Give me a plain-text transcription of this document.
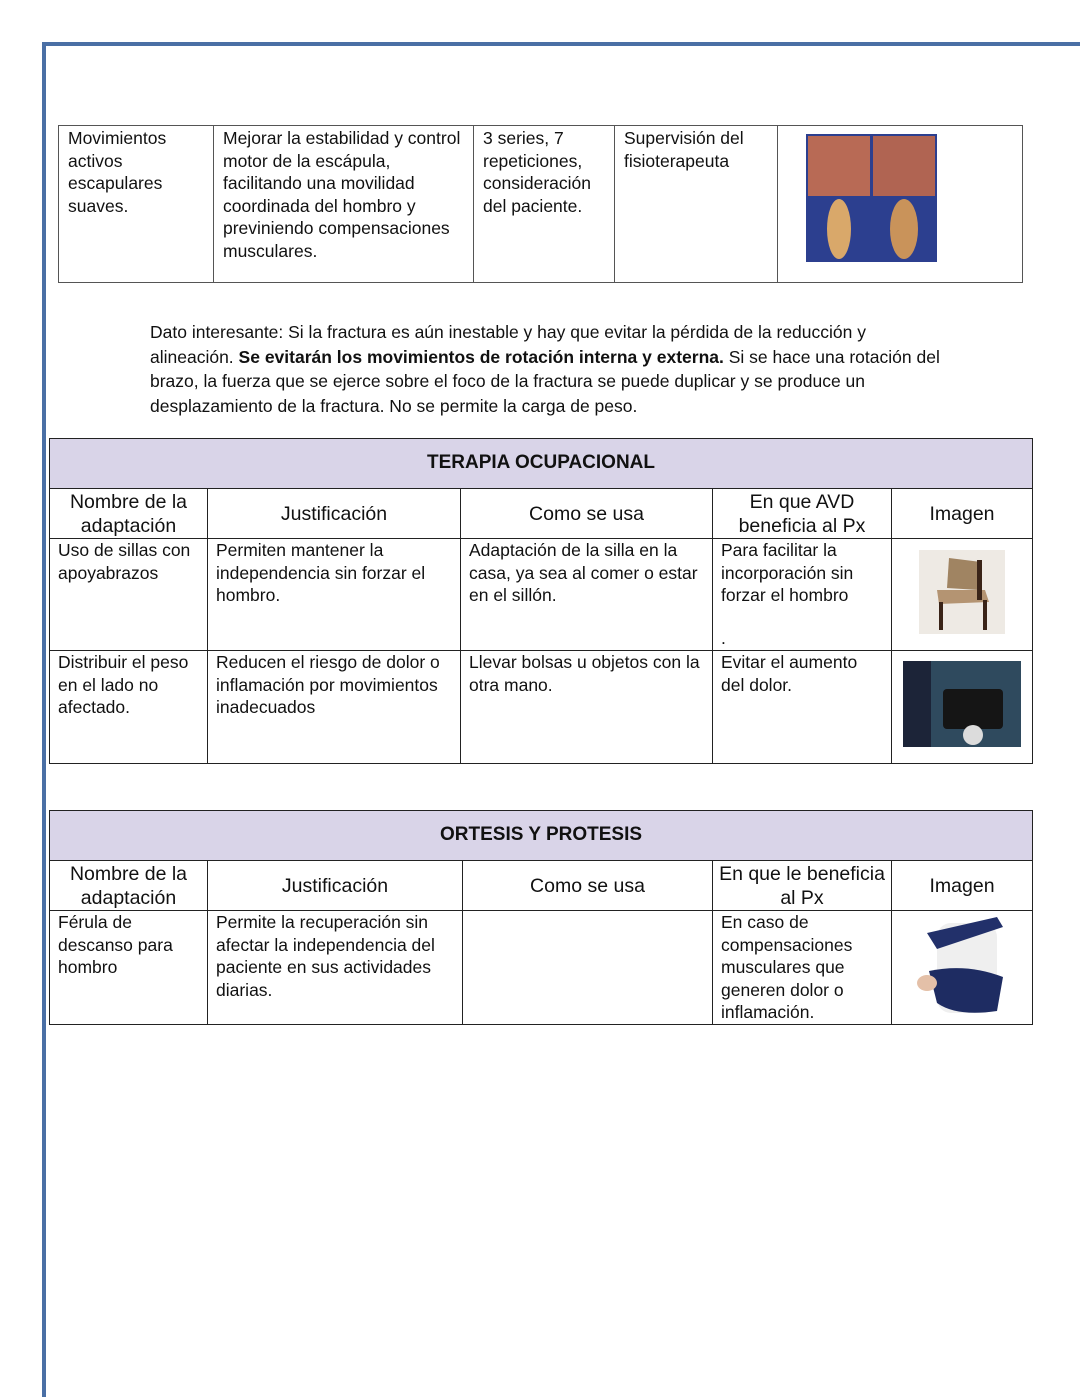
Movimientos activos escapulares suaves.	Mejorar la estabilidad y control motor de la escápula, facilitando una movilidad coordinada del hombro y previniendo compensaciones musculares.	3 series, 7 repeticiones, consideración del paciente.	Supervisión del fisioterapeuta	
Dato interesante: Si la fractura es aún inestable y hay que evitar la pérdida de la reducción y alineación. Se evitarán los movimientos de rotación interna y externa. Si se hace una rotación del brazo, la fuerza que se ejerce sobre el foco de la fractura se puede duplicar y se produce un desplazamiento de la fractura. No se permite la carga de peso.
TERAPIA OCUPACIONAL				
Nombre de la adaptación	Justificación	Como se usa	En que AVD beneficia al Px	Imagen
Uso de sillas con apoyabrazos	Permiten mantener la independencia sin forzar el hombro.	Adaptación de la silla en la casa, ya sea al comer o estar en el sillón.	Para facilitar la incorporación sin forzar el hombro
.

Distribuir el peso en el lado no afectado.	Reducen el riesgo de dolor o inflamación por movimientos inadecuados	Llevar bolsas u objetos con la otra mano.	Evitar el aumento del dolor.	
ORTESIS Y PROTESIS				
Nombre de la adaptación	Justificación	Como se usa	En que le beneficia al Px	Imagen
Férula de descanso para hombro	Permite la recuperación sin afectar la independencia del paciente en sus actividades diarias.		En caso de compensaciones musculares que generen dolor o inflamación.	
